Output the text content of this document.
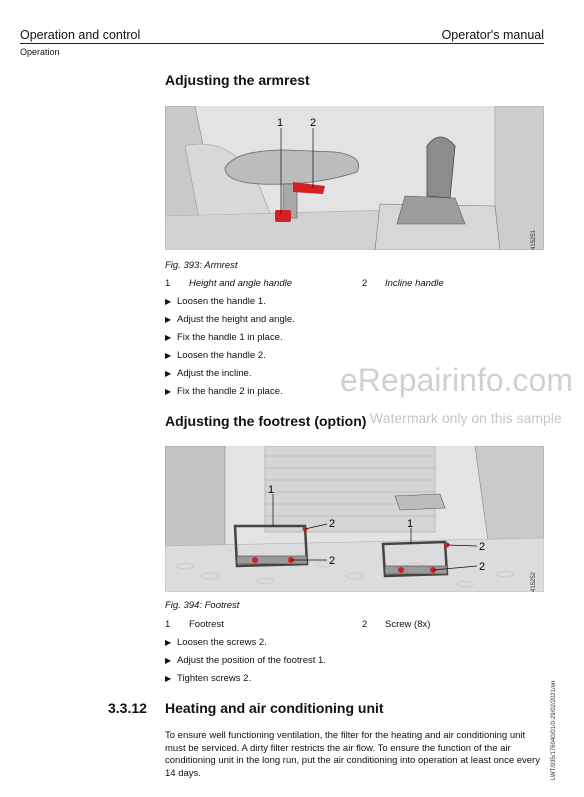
Operation and control	Operator's manual
Operation
Adjusting the armrest
1 2
415251
Fig. 393: Armrest
1 Height and angle handle	2 Incline handle
▶ Loosen the handle 1.
▶ Adjust the height and angle.
▶ Fix the handle 1 in place.
▶ Loosen the handle 2.
▶ Adjust the incline.
▶ Fix the handle 2 in place. eRepairinfo.com
Watermark only on this sample
Adjusting the footrest (option)
1
2
2
1
2
2
415252
Fig. 394: Footrest
1 Footrest	2 Screw (8x)
▶ Loosen the screws 2.
▶ Adjust the position of the footrest 1.
▶ Tighten screws 2.
3.3.12 Heating and air conditioning unit
To ensure well functioning ventilation, the filter for the heating and air conditioning unit must be serviced. A dirty filter restricts the air flow. To ensure the function of the air conditioning unit in the long run, put the air conditioning into operation at least once every 14 days.	LWT/935/176040/01/0-29/02/2021/en
